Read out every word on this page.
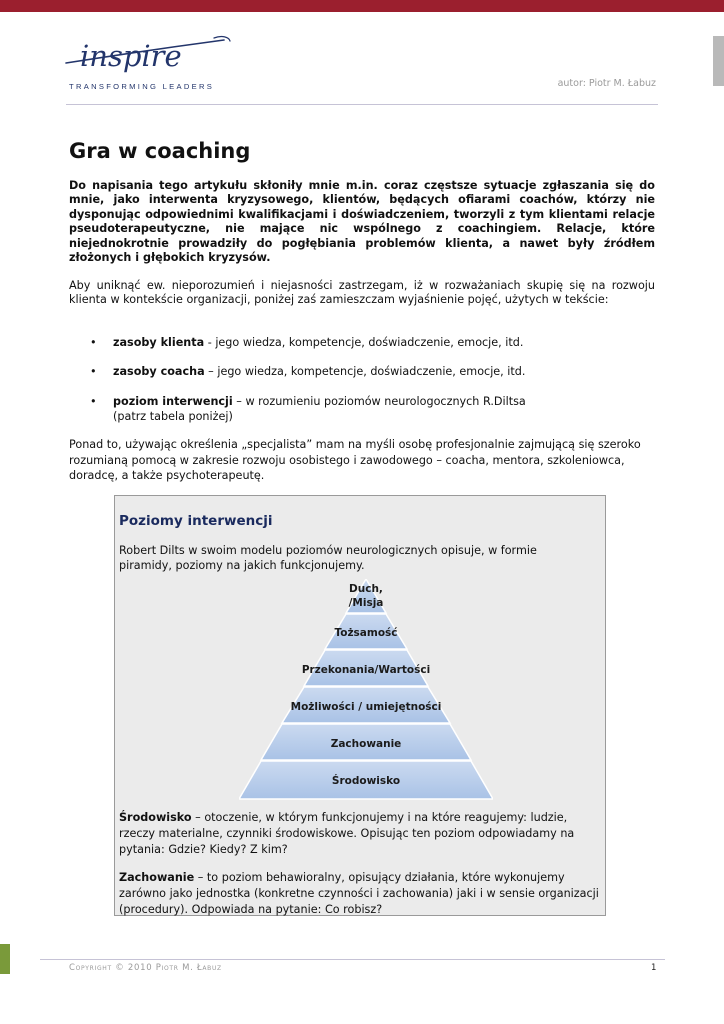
inspire
TRANSFORMING LEADERS	autor: Piotr M. Łabuz
Gra w coaching

Do napisania tego artykułu skłoniły mnie m.in. coraz częstsze sytuacje zgłaszania się do mnie, jako interwenta kryzysowego, klientów, będących ofiarami coachów, którzy nie dysponując odpowiednimi kwalifikacjami i doświadczeniem, tworzyli z tym klientami relacje pseudoterapeutyczne, nie mające nic wspólnego z coachingiem. Relacje, które niejednokrotnie prowadziły do pogłębiania problemów klienta, a nawet były źródłem złożonych i głębokich kryzysów.

Aby uniknąć ew. nieporozumień i niejasności zastrzegam, iż w rozważaniach skupię się na rozwoju klienta w kontekście organizacji, poniżej zaś zamieszczam wyjaśnienie pojęć, użytych w tekście:

• zasoby klienta - jego wiedza, kompetencje, doświadczenie, emocje, itd.
• zasoby coacha – jego wiedza, kompetencje, doświadczenie, emocje, itd.
• poziom interwencji – w rozumieniu poziomów neurologocznych R.Diltsa
(patrz tabela poniżej)

Ponad to, używając określenia „specjalista” mam na myśli osobę profesjonalnie zajmującą się szeroko rozumianą pomocą w zakresie rozwoju osobistego i zawodowego – coacha, mentora, szkoleniowca, doradcę, a także psychoterapeutę.

Poziomy interwencji

Robert Dilts w swoim modelu poziomów neurologicznych opisuje, w formie piramidy, poziomy na jakich funkcjonujemy.

Duch,
/Misja
Tożsamość
Przekonania/Wartości
Możliwości / umiejętności
Zachowanie
Środowisko

Środowisko – otoczenie, w którym funkcjonujemy i na które reagujemy: ludzie, rzeczy materialne, czynniki środowiskowe. Opisując ten poziom odpowiadamy na pytania: Gdzie? Kiedy? Z kim?

Zachowanie – to poziom behawioralny, opisujący działania, które wykonujemy zarówno jako jednostka (konkretne czynności i zachowania) jaki i w sensie organizacji (procedury). Odpowiada na pytanie: Co robisz?

Copyright © 2010 Piotr M. Łabuz	1
